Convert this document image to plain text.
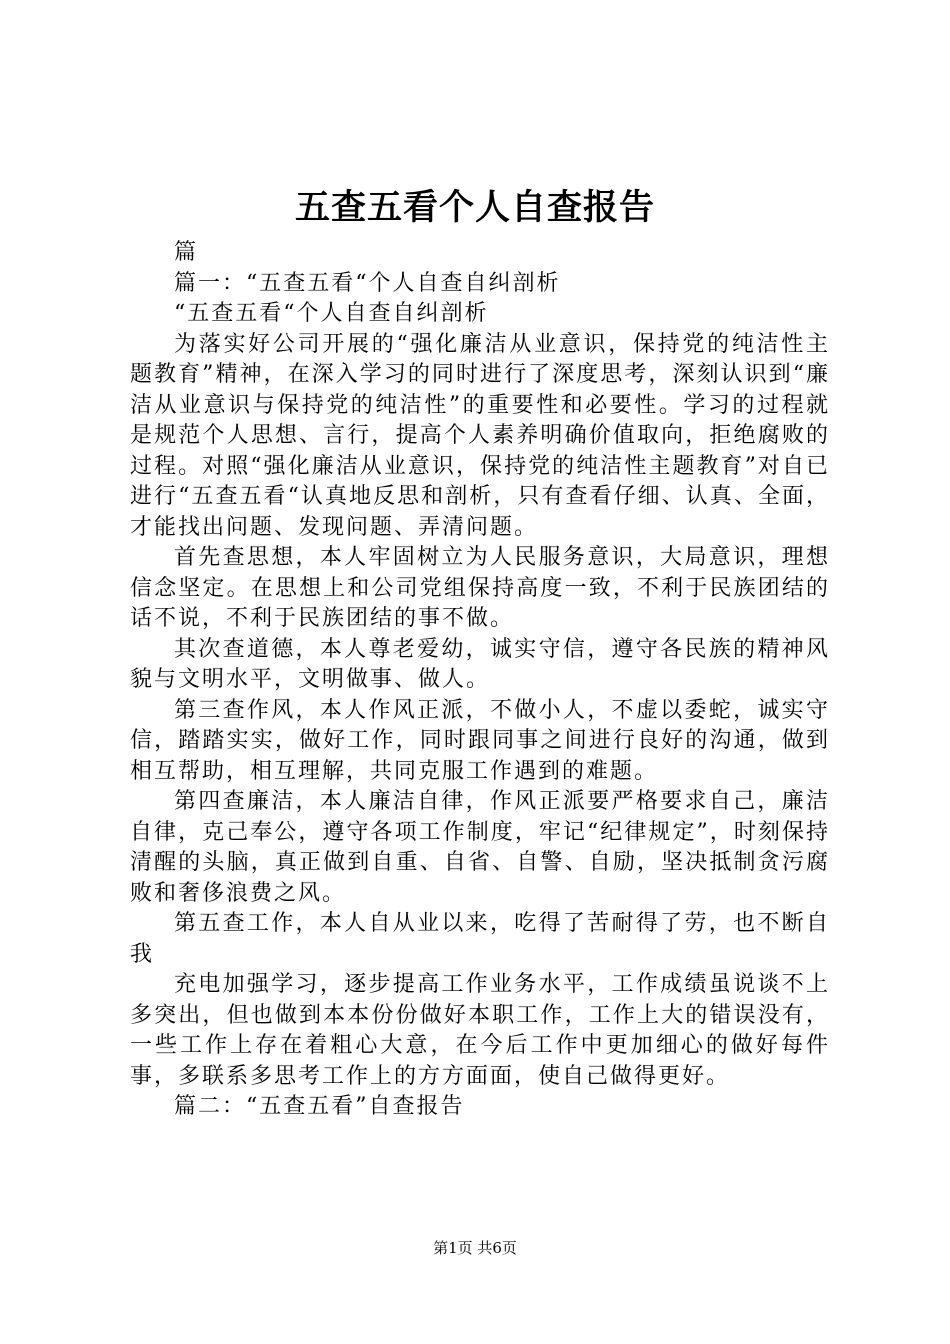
五查五看个人自查报告

篇

篇一：“五查五看“个人自查自纠剖析

“五查五看“个人自查自纠剖析

为落实好公司开展的“强化廉洁从业意识，保持党的纯洁性主题教育”精神，在深入学习的同时进行了深度思考，深刻认识到“廉洁从业意识与保持党的纯洁性”的重要性和必要性。学习的过程就是规范个人思想、言行，提高个人素养明确价值取向，拒绝腐败的过程。对照“强化廉洁从业意识，保持党的纯洁性主题教育”对自已进行“五查五看“认真地反思和剖析，只有查看仔细、认真、全面，才能找出问题、发现问题、弄清问题。

首先查思想，本人牢固树立为人民服务意识，大局意识，理想信念坚定。在思想上和公司党组保持高度一致，不利于民族团结的话不说，不利于民族团结的事不做。

其次查道德，本人尊老爱幼，诚实守信，遵守各民族的精神风貌与文明水平，文明做事、做人。

第三查作风，本人作风正派，不做小人，不虚以委蛇，诚实守信，踏踏实实，做好工作，同时跟同事之间进行良好的沟通，做到相互帮助，相互理解，共同克服工作遇到的难题。

第四查廉洁，本人廉洁自律，作风正派要严格要求自己，廉洁自律，克己奉公，遵守各项工作制度，牢记“纪律规定”，时刻保持清醒的头脑，真正做到自重、自省、自警、自励，坚决抵制贪污腐败和奢侈浪费之风。

第五查工作，本人自从业以来，吃得了苦耐得了劳，也不断自我

充电加强学习，逐步提高工作业务水平，工作成绩虽说谈不上多突出，但也做到本本份份做好本职工作，工作上大的错误没有，一些工作上存在着粗心大意，在今后工作中更加细心的做好每件事，多联系多思考工作上的方方面面，使自己做得更好。

篇二：“五查五看”自查报告

第1页 共6页
